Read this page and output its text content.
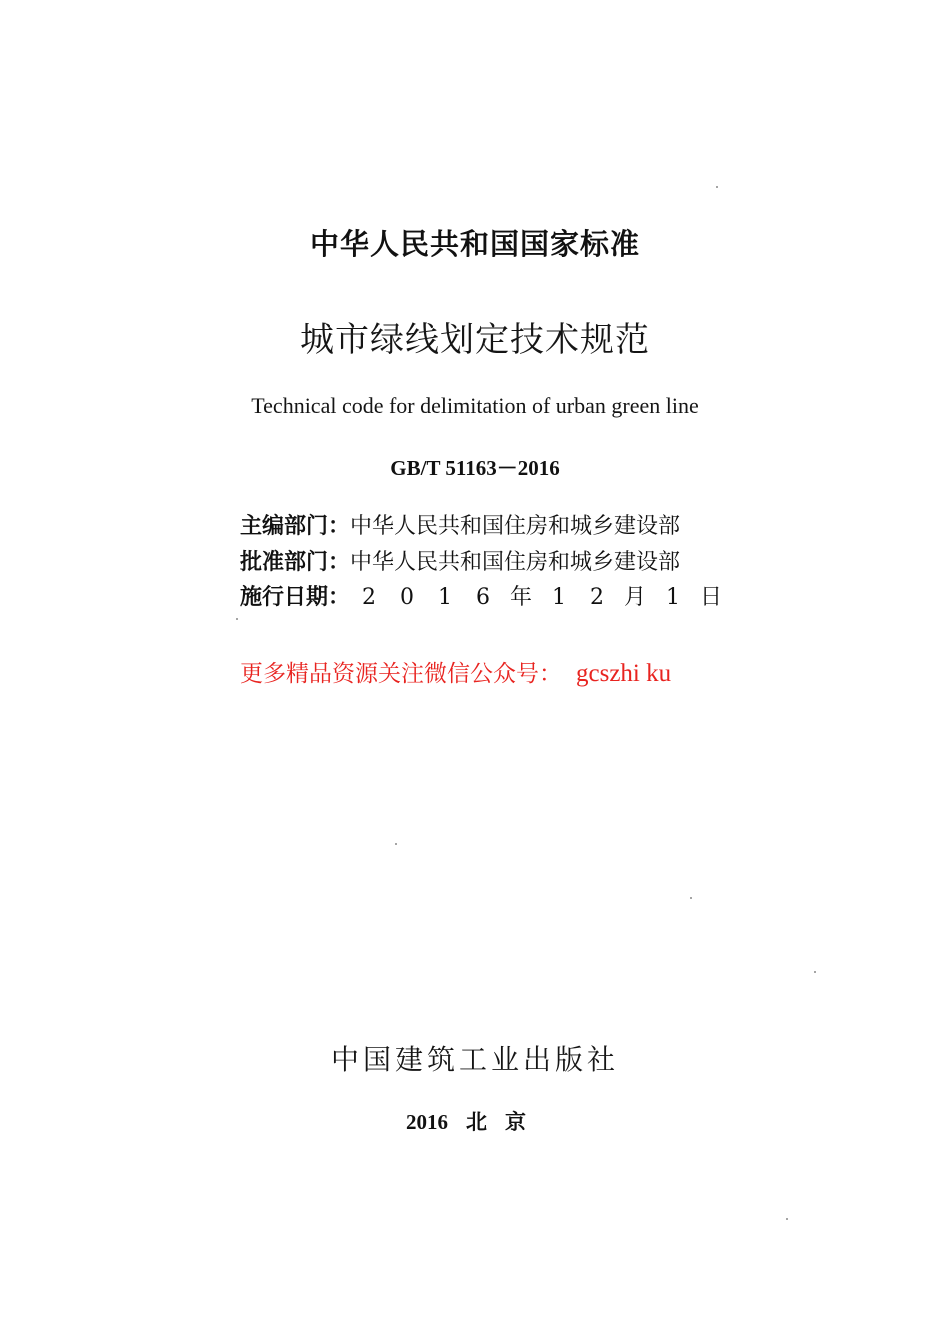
中华人民共和国国家标准
城市绿线划定技术规范
Technical code for delimitation of urban green line
GB/T 51163－2016
主编部门：中华人民共和国住房和城乡建设部
批准部门：中华人民共和国住房和城乡建设部
施行日期： 2 0 1 6 年 1 2 月 1 日
更多精品资源关注微信公众号： gcszhi ku
中国建筑工业出版社
2016 北京
